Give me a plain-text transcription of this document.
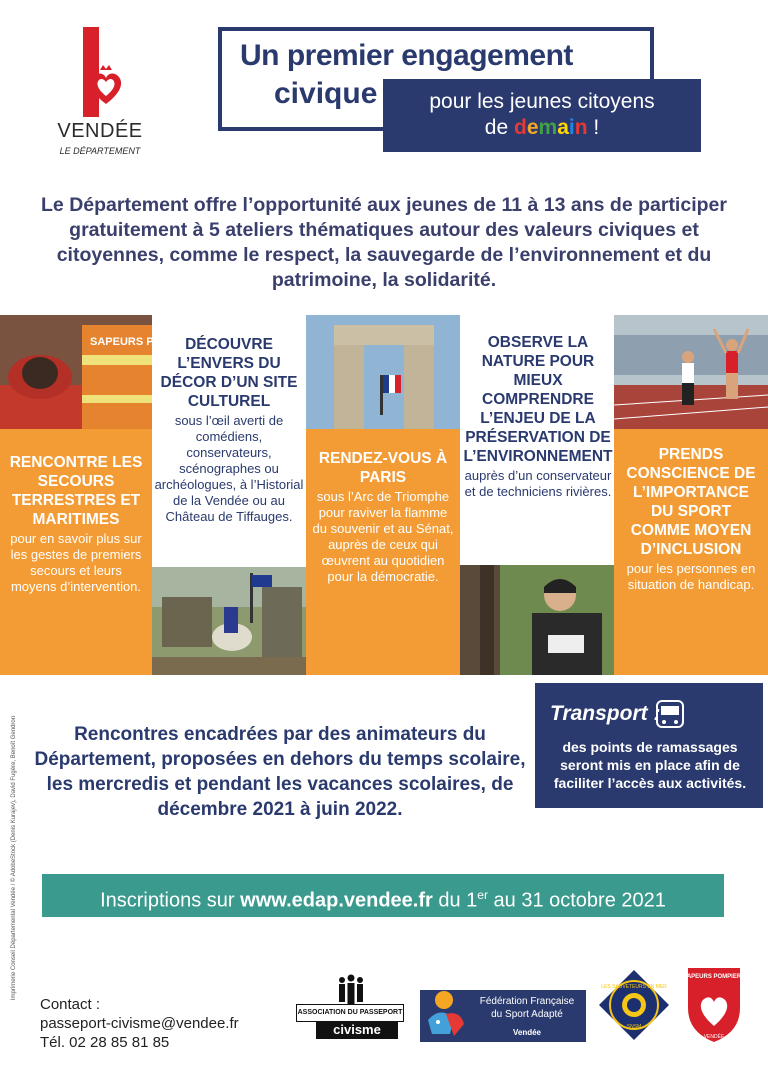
VENDÉE
LE DÉPARTEMENT
Un premier engagement
civique	pour les jeunes citoyens
de demain !
Le Département offre l’opportunité aux jeunes de 11 à 13 ans de participer gratuitement à 5 ateliers thématiques autour des valeurs civiques et citoyennes, comme le respect, la sauvegarde de l’environnement et du patrimoine, la solidarité.
SAPEURS POMPIERS
RENCONTRE LES SECOURS TERRESTRES ET MARITIMES
pour en savoir plus sur les gestes de premiers secours et leurs moyens d’intervention.
DÉCOUVRE L’ENVERS DU DÉCOR D’UN SITE CULTUREL
sous l’œil averti de comédiens, conservateurs, scénographes ou archéologues, à l’Historial de la Vendée ou au Château de Tiffauges.
RENDEZ-VOUS À PARIS
sous l’Arc de Triomphe pour raviver la flamme du souvenir et au Sénat, auprès de ceux qui œuvrent au quotidien pour la démocratie.
OBSERVE LA NATURE POUR MIEUX COMPRENDRE L’ENJEU DE LA PRÉSERVATION DE L’ENVIRONNEMENT
auprès d’un conservateur et de techniciens rivières.
PRENDS CONSCIENCE DE L’IMPORTANCE DU SPORT COMME MOYEN D’INCLUSION
pour les personnes en situation de handicap.
Imprimerie Conseil Départemental Vendée / © AdobeStock (Denis Kurajev), David Fugère, Benoît Gendron	Rencontres encadrées par des animateurs du Département, proposées en dehors du temps scolaire, les mercredis et pendant les vacances scolaires, de décembre 2021 à juin 2022.
Transport :
des points de ramassages seront mis en place afin de faciliter l’accès aux activités.
Inscriptions sur www.edap.vendee.fr du 1er au 31 octobre 2021
Contact :
passeport-civisme@vendee.fr
Tél. 02 28 85 81 85
ASSOCIATION DU PASSEPORT
civisme
Fédération Française
du Sport Adapté
Vendée
LES SAUVETEURS EN MER
SNSM
SAPEURS POMPIERS
VENDÉE
